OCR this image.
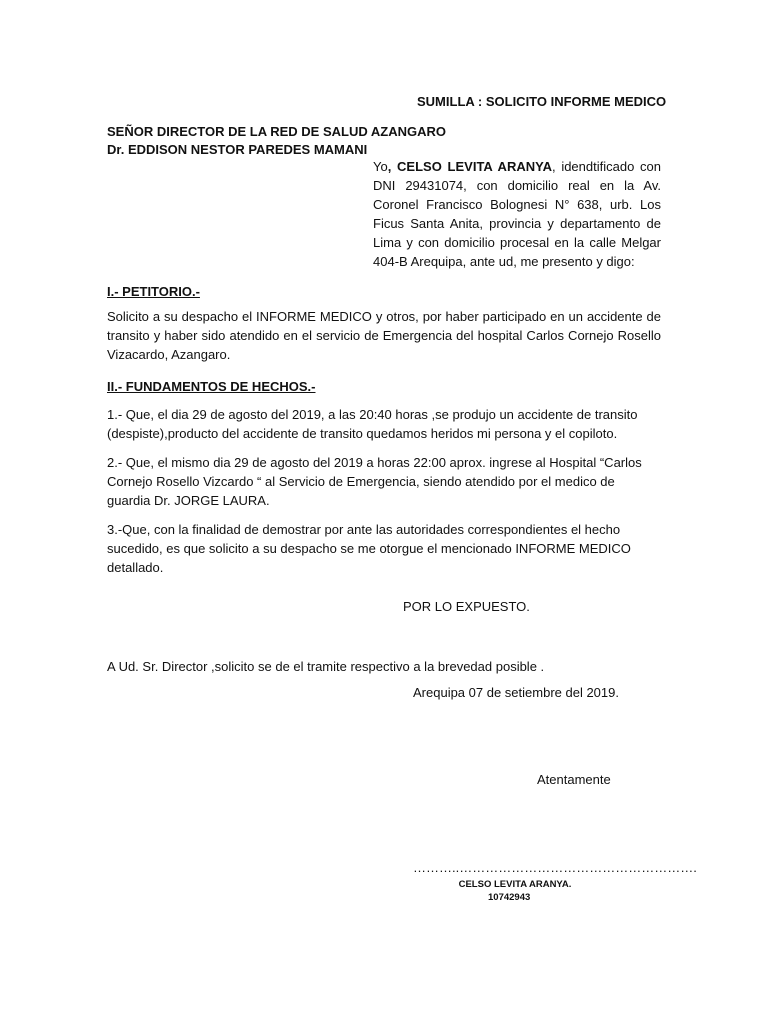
SUMILLA : SOLICITO INFORME MEDICO

SEÑOR DIRECTOR DE LA RED DE SALUD AZANGARO

Dr. EDDISON NESTOR PAREDES MAMANI

Yo, CELSO LEVITA ARANYA, idendtificado con DNI 29431074, con domicilio real en la Av. Coronel Francisco Bolognesi N° 638, urb. Los Ficus Santa Anita, provincia y departamento de Lima y con domicilio procesal en la calle Melgar 404-B Arequipa, ante ud, me presento y digo:

I.- PETITORIO.-

Solicito a su despacho el INFORME MEDICO y otros, por haber participado en un accidente de transito y haber sido atendido en el servicio de Emergencia del hospital Carlos Cornejo Rosello Vizacardo, Azangaro.

II.- FUNDAMENTOS DE HECHOS.-

1.- Que, el dia 29 de agosto del 2019, a las 20:40 horas ,se produjo un accidente de transito (despiste),producto del accidente de transito quedamos heridos mi persona y el copiloto.

2.- Que, el mismo dia 29 de agosto del 2019 a horas 22:00 aprox. ingrese al Hospital “Carlos Cornejo Rosello Vizcardo “ al Servicio de Emergencia, siendo atendido por el medico de guardia Dr. JORGE LAURA.

3.-Que, con la finalidad de demostrar por ante las autoridades correspondientes el hecho sucedido, es que solicito a su despacho se me otorgue el mencionado INFORME MEDICO detallado.

POR LO EXPUESTO.

A Ud. Sr. Director ,solicito se de el tramite respectivo a la brevedad posible .

Arequipa 07 de setiembre del 2019.

Atentamente

………..……………………………………………….

CELSO LEVITA ARANYA.

10742943
